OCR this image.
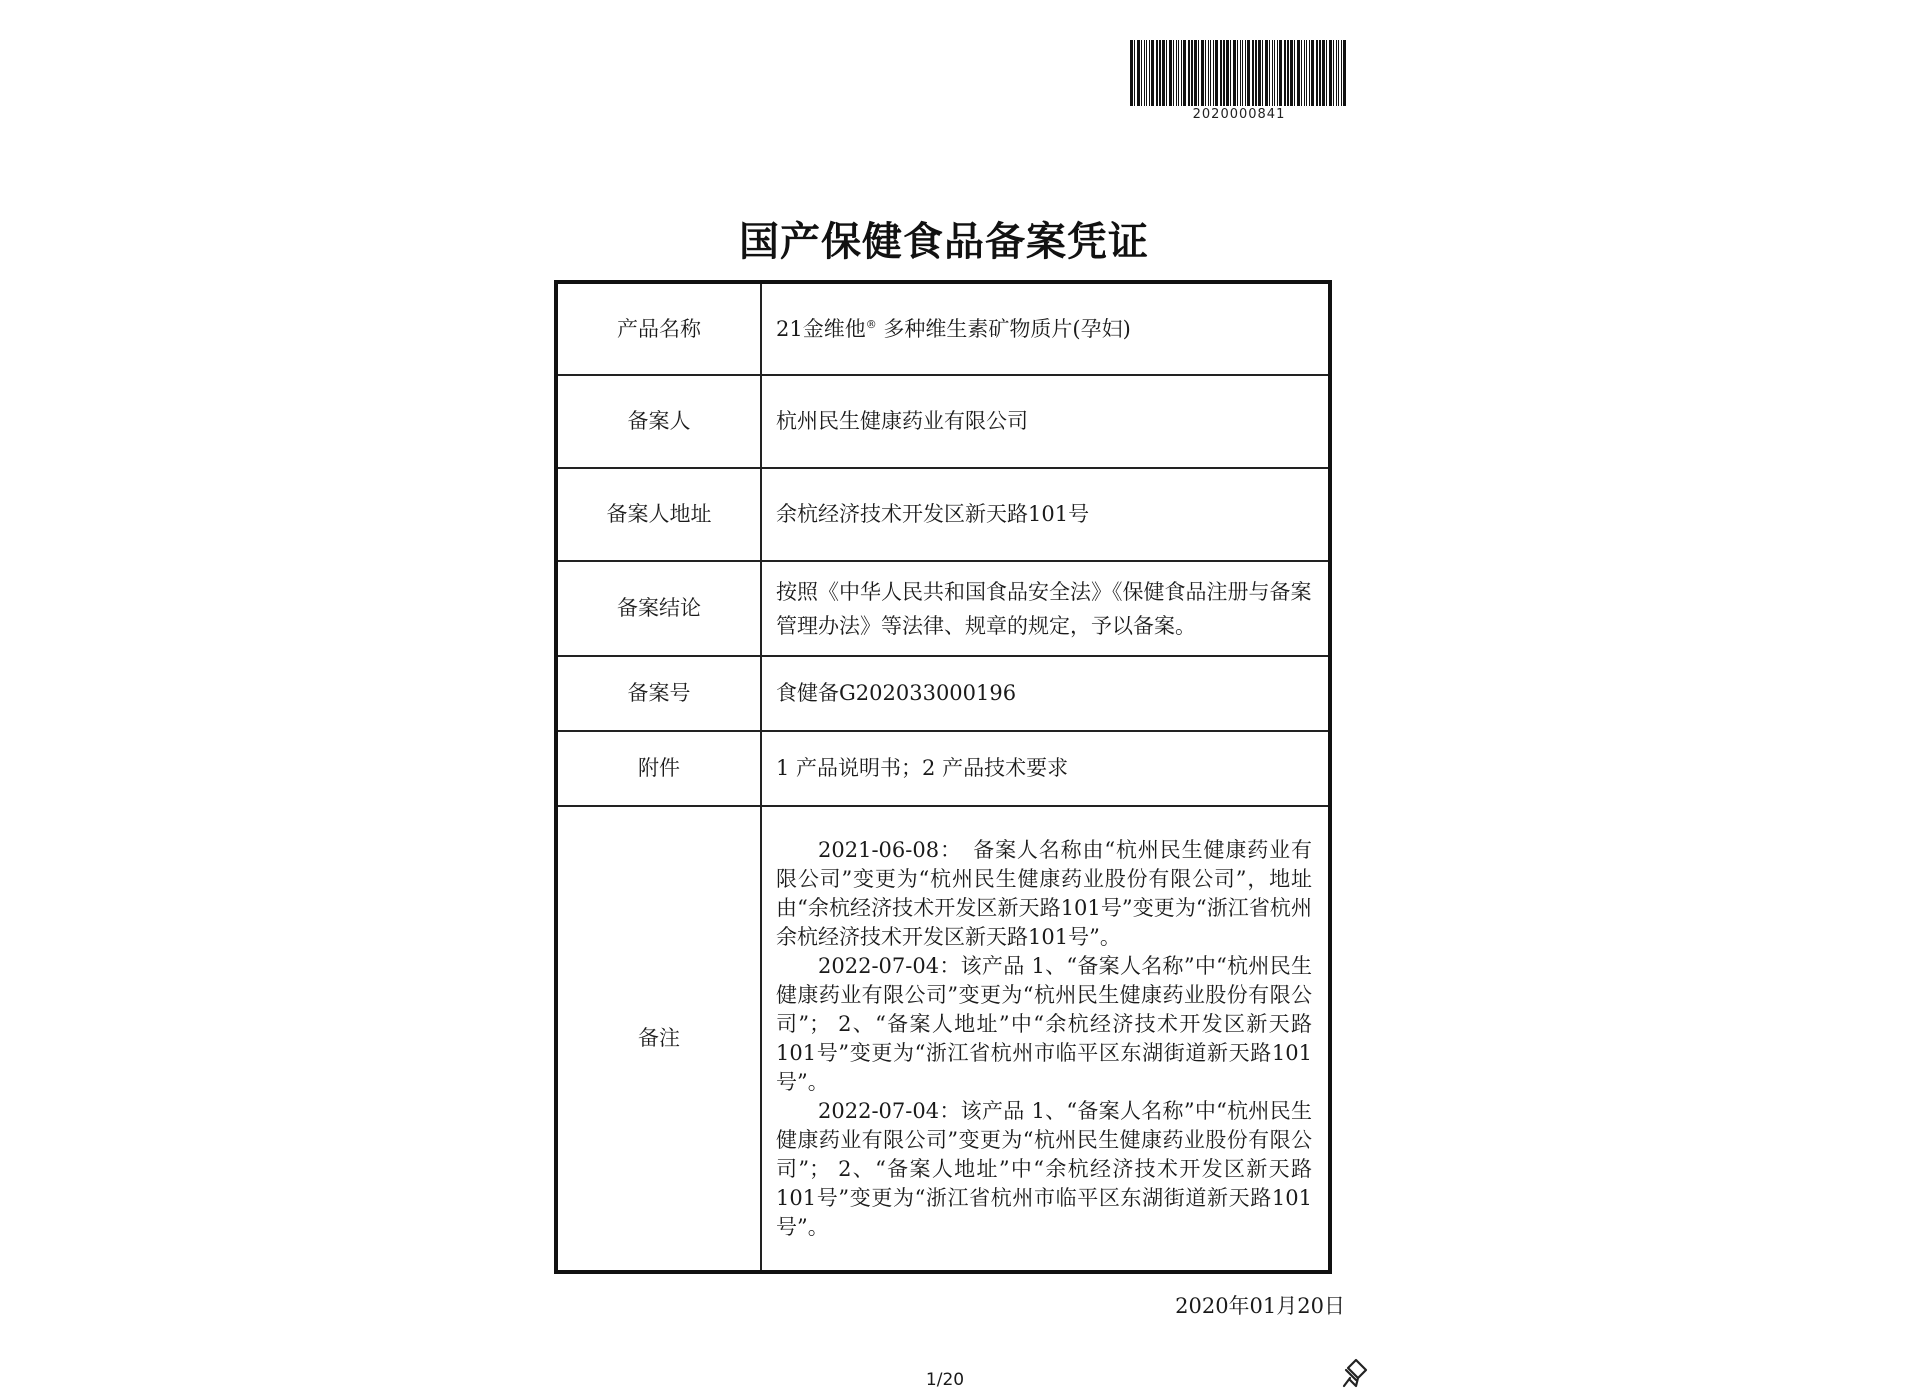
2020000841
国产保健食品备案凭证
产品名称	21金维他® 多种维生素矿物质片(孕妇)
备案人	杭州民生健康药业有限公司
备案人地址	余杭经济技术开发区新天路101号
备案结论	按照《中华人民共和国食品安全法》《保健食品注册与备案管理办法》等法律、规章的规定，予以备案。
备案号	食健备G202033000196
附件	1 产品说明书；2 产品技术要求
备注	2021-06-08：　备案人名称由“杭州民生健康药业有限公司”变更为“杭州民生健康药业股份有限公司”，地址由“余杭经济技术开发区新天路101号”变更为“浙江省杭州余杭经济技术开发区新天路101号”。
2022-07-04：该产品 1、“备案人名称”中“杭州民生健康药业有限公司”变更为“杭州民生健康药业股份有限公司”； 2、“备案人地址”中“余杭经济技术开发区新天路101号”变更为“浙江省杭州市临平区东湖街道新天路101号”。
2022-07-04：该产品 1、“备案人名称”中“杭州民生健康药业有限公司”变更为“杭州民生健康药业股份有限公司”； 2、“备案人地址”中“余杭经济技术开发区新天路101号”变更为“浙江省杭州市临平区东湖街道新天路101号”。
2020年01月20日
1/20
